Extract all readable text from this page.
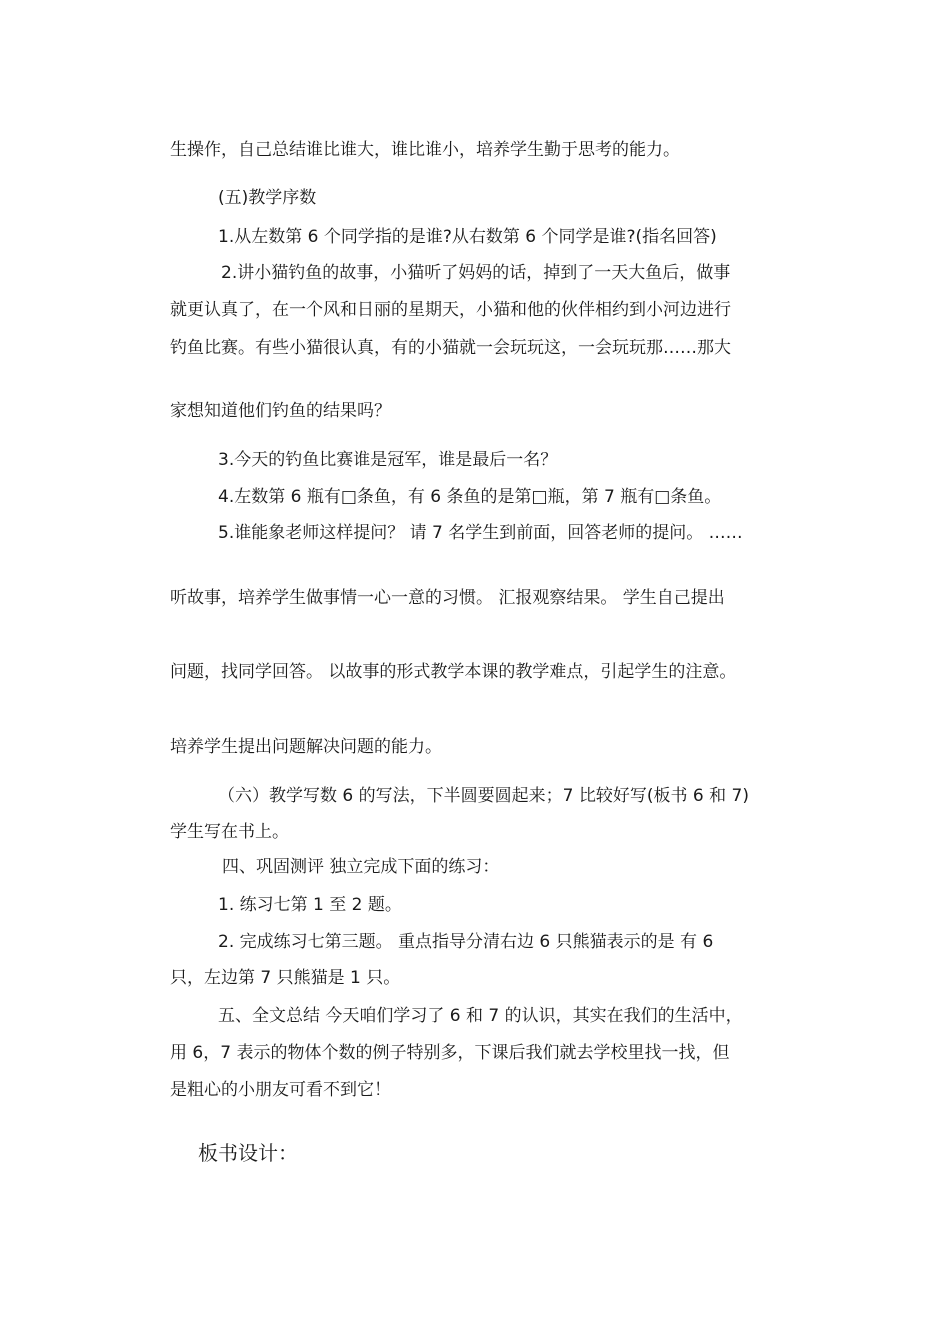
生操作，自己总结谁比谁大，谁比谁小，培养学生勤于思考的能力。
(五)教学序数
1.从左数第 6 个同学指的是谁?从右数第 6 个同学是谁?(指名回答)
2.讲小猫钓鱼的故事，小猫听了妈妈的话，掉到了一天大鱼后，做事
就更认真了，在一个风和日丽的星期天，小猫和他的伙伴相约到小河边进行
钓鱼比赛。有些小猫很认真，有的小猫就一会玩玩这，一会玩玩那……那大
家想知道他们钓鱼的结果吗？
3.今天的钓鱼比赛谁是冠军，谁是最后一名？
4.左数第 6 瓶有□条鱼，有 6 条鱼的是第□瓶，第 7 瓶有□条鱼。
5.谁能象老师这样提问？ 请 7 名学生到前面，回答老师的提问。 ……
听故事，培养学生做事情一心一意的习惯。 汇报观察结果。 学生自己提出
问题，找同学回答。 以故事的形式教学本课的教学难点，引起学生的注意。
培养学生提出问题解决问题的能力。
（六）教学写数 6 的写法，下半圆要圆起来；7 比较好写(板书 6 和 7)
学生写在书上。
四、巩固测评 独立完成下面的练习：
1. 练习七第 1 至 2 题。
2. 完成练习七第三题。 重点指导分清右边 6 只熊猫表示的是 有 6
只，左边第 7 只熊猫是 1 只。
五、全文总结 今天咱们学习了 6 和 7 的认识，其实在我们的生活中，
用 6，7 表示的物体个数的例子特别多，下课后我们就去学校里找一找，但
是粗心的小朋友可看不到它！
板书设计：
